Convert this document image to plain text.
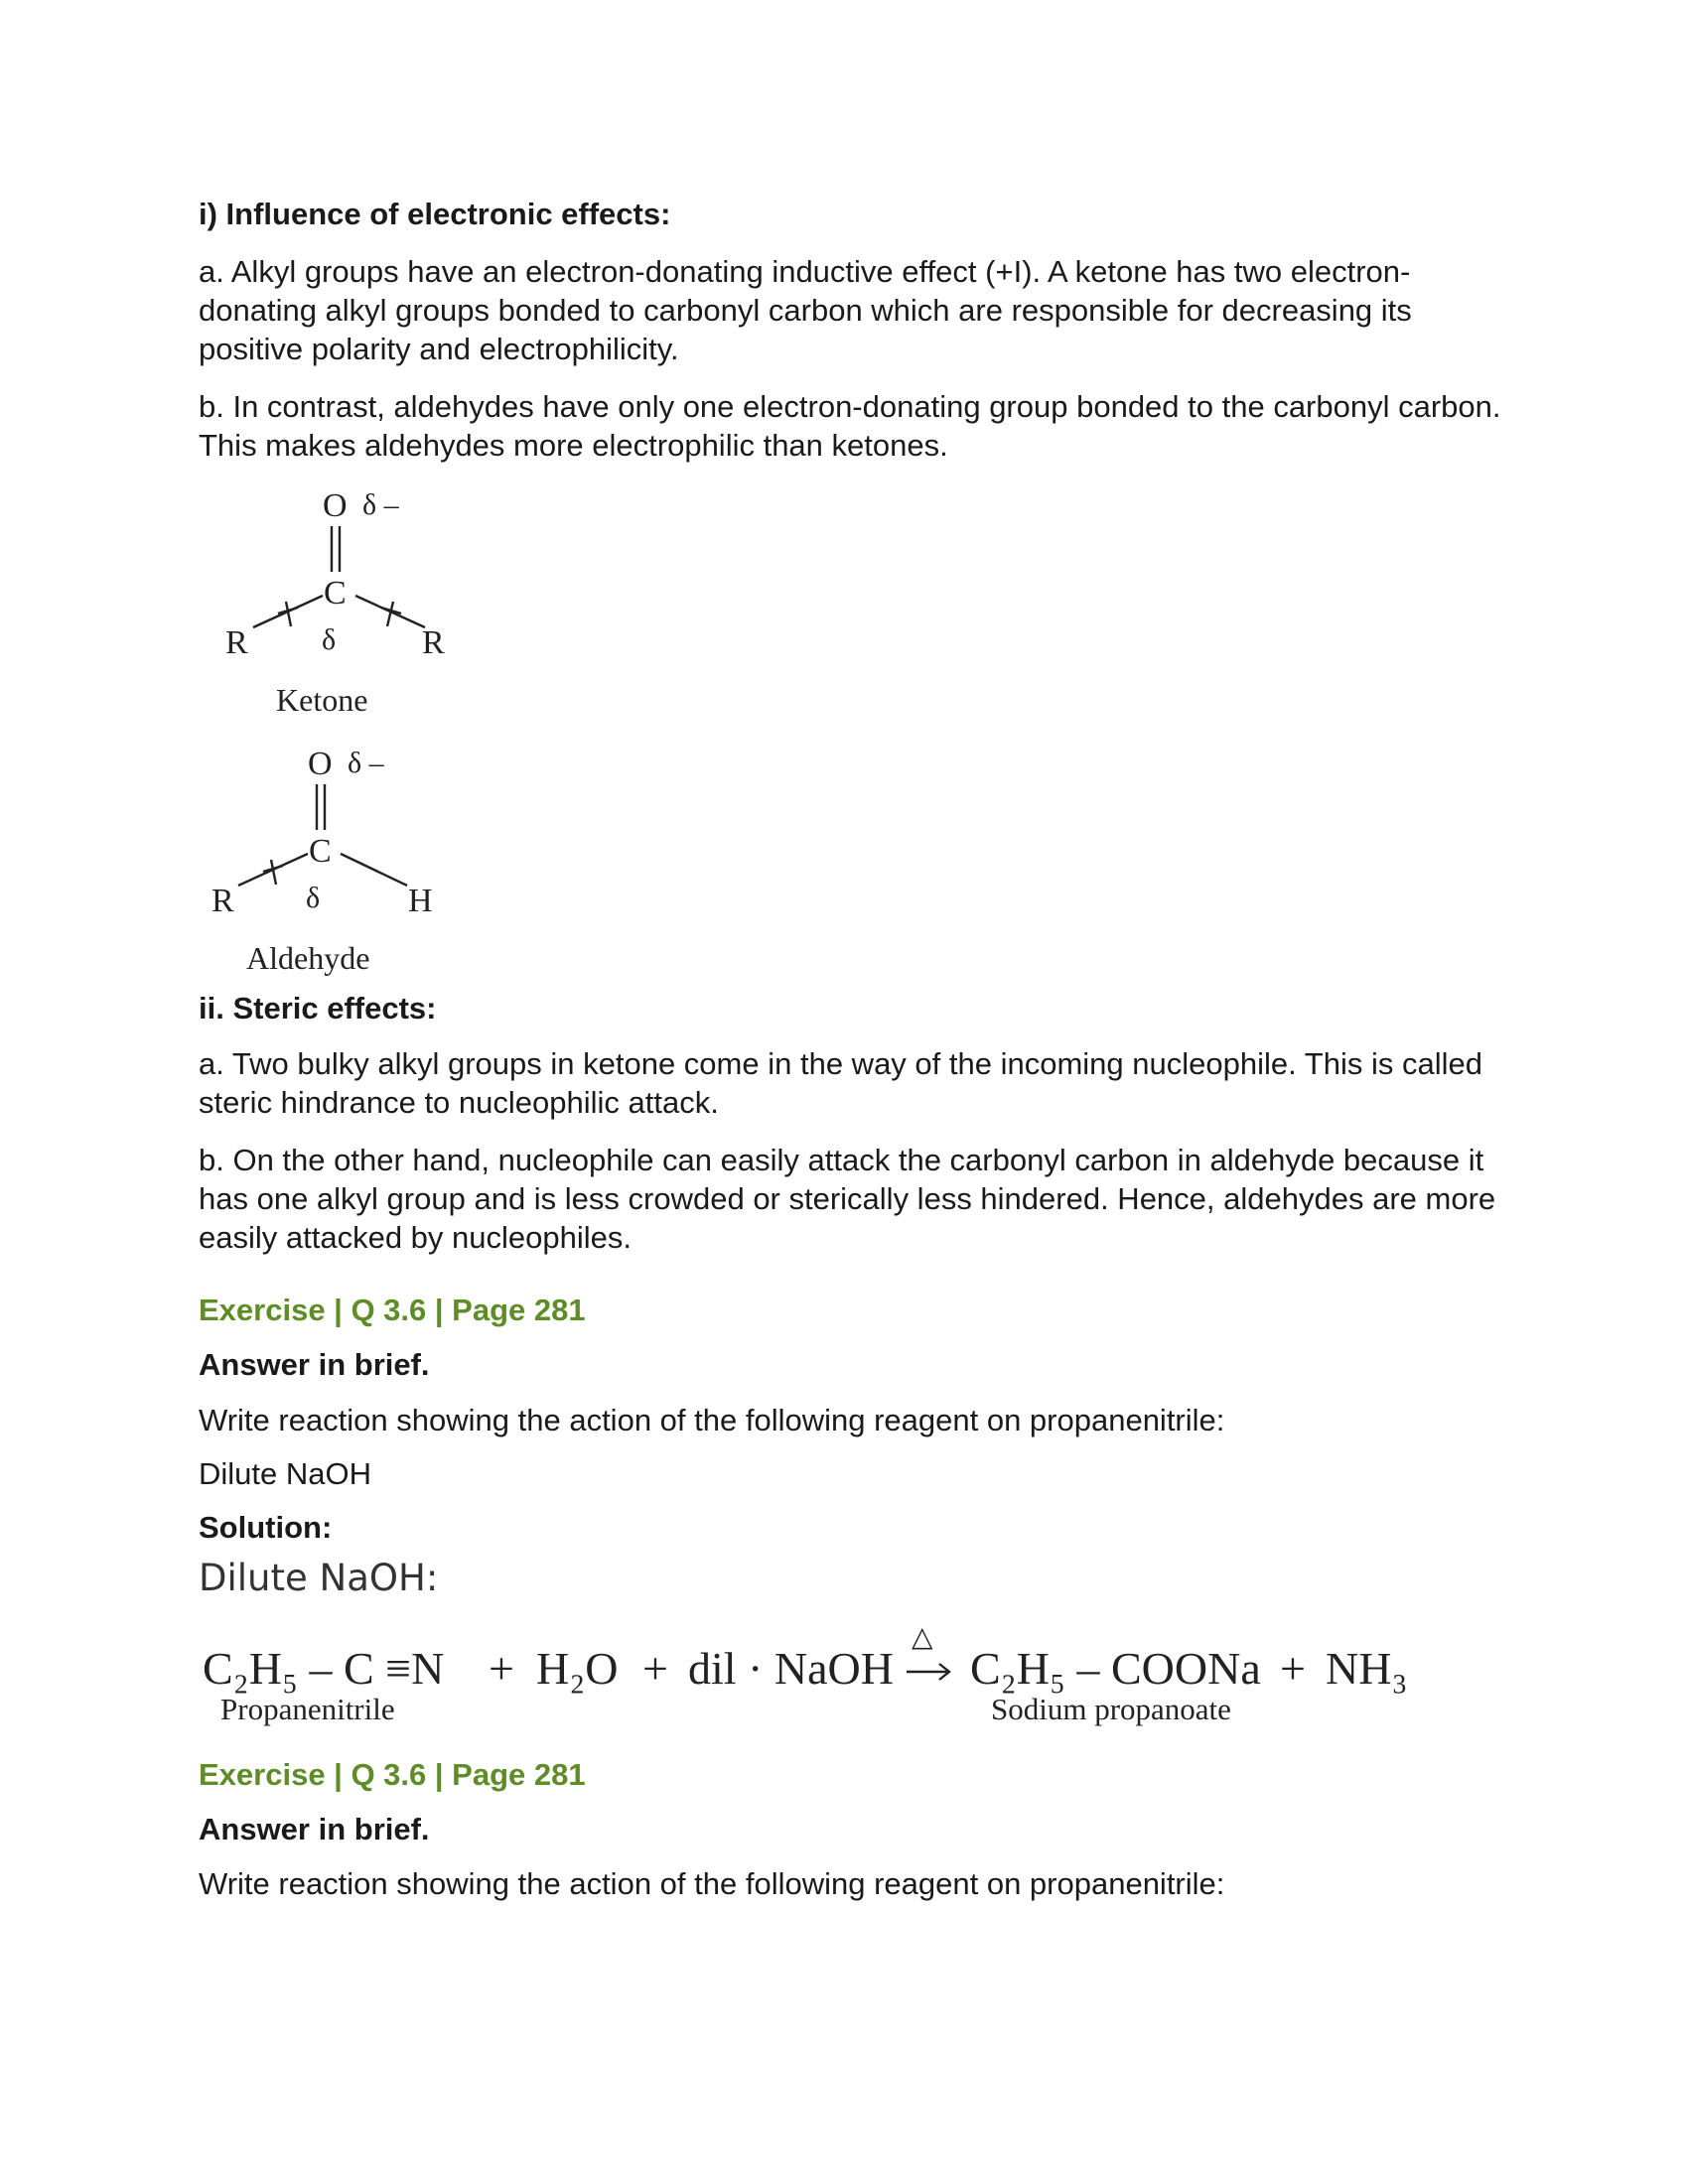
i) Influence of electronic effects:

a. Alkyl groups have an electron-donating inductive effect (+I). A ketone has two electron-donating alkyl groups bonded to carbonyl carbon which are responsible for decreasing its positive polarity and electrophilicity.

b. In contrast, aldehydes have only one electron-donating group bonded to the carbonyl carbon. This makes aldehydes more electrophilic than ketones.

O δ –
C
R	R
δ
Ketone
O δ –
C
R	H
δ
Aldehyde
ii. Steric effects:

a. Two bulky alkyl groups in ketone come in the way of the incoming nucleophile. This is called steric hindrance to nucleophilic attack.

b. On the other hand, nucleophile can easily attack the carbonyl carbon in aldehyde because it has one alkyl group and is less crowded or sterically less hindered. Hence, aldehydes are more easily attacked by nucleophiles.

Exercise | Q 3.6 | Page 281

Answer in brief.

Write reaction showing the action of the following reagent on propanenitrile:

Dilute NaOH

Solution:

Dilute NaOH:

C₂H₅ – C ≡N
Propanenitrile
+ H₂O + dil · NaOH
△
C₂H₅ – COONa
Sodium propanoate
+ NH₃

Exercise | Q 3.6 | Page 281

Answer in brief.

Write reaction showing the action of the following reagent on propanenitrile:
